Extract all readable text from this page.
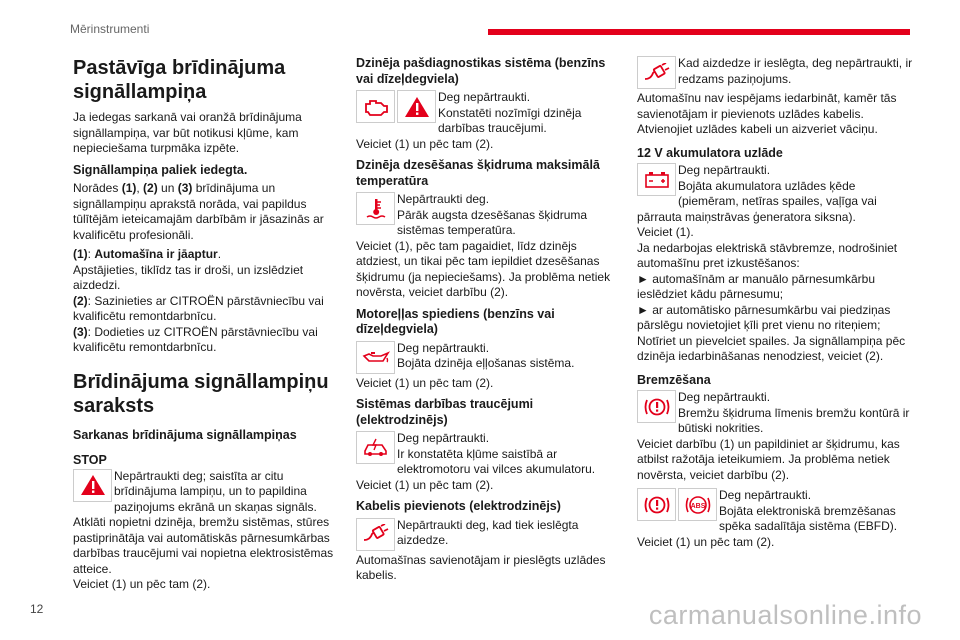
Mērinstrumenti
Pastāvīga brīdinājuma signāllampiņa

Ja iedegas sarkanā vai oranžā brīdinājuma signāllampiņa, var būt notikusi kļūme, kam nepieciešama turpmāka izpēte.

Signāllampiņa paliek iedegta.

Norādes (1), (2) un (3) brīdinājuma un signāllampiņu aprakstā norāda, vai papildus tūlītējām ieteicamajām darbībām ir jāsazinās ar kvalificētu profesionāli.

(1): Automašīna ir jāaptur.

Apstājieties, tiklīdz tas ir droši, un izslēdziet aizdedzi.

(2): Sazinieties ar CITROËN pārstāvniecību vai kvalificētu remontdarbnīcu.

(3): Dodieties uz CITROËN pārstāvniecību vai kvalificētu remontdarbnīcu.

Brīdinājuma signāllampiņu saraksts
Sarkanas brīdinājuma signāllampiņas
STOP
Nepārtraukti deg; saistīta ar citu brīdinājuma lampiņu, un to papildina paziņojums ekrānā un skaņas signāls.

Atklāti nopietni dzinēja, bremžu sistēmas, stūres pastiprinātāja vai automātiskās pārnesumkārbas darbības traucējumi vai nopietna elektrosistēmas atteice.

Veiciet (1) un pēc tam (2).

Dzinēja pašdiagnostikas sistēma (benzīns vai dīzeļdegviela)
Deg nepārtraukti.
Konstatēti nozīmīgi dzinēja darbības traucējumi.

Veiciet (1) un pēc tam (2).

Dzinēja dzesēšanas šķidruma maksimālā temperatūra
Nepārtraukti deg.
Pārāk augsta dzesēšanas šķidruma sistēmas temperatūra.

Veiciet (1), pēc tam pagaidiet, līdz dzinējs atdziest, un tikai pēc tam iepildiet dzesēšanas šķidrumu (ja nepieciešams). Ja problēma netiek novērsta, veiciet darbību (2).

Motoreļļas spiediens (benzīns vai dīzeļdegviela)
Deg nepārtraukti.
Bojāta dzinēja eļļošanas sistēma.

Veiciet (1) un pēc tam (2).

Sistēmas darbības traucējumi (elektrodzinējs)
Deg nepārtraukti.
Ir konstatēta kļūme saistībā ar elektromotoru vai vilces akumulatoru.

Veiciet (1) un pēc tam (2).

Kabelis pievienots (elektrodzinējs)
Nepārtraukti deg, kad tiek ieslēgta aizdedze.

Automašīnas savienotājam ir pieslēgts uzlādes kabelis.

Kad aizdedze ir ieslēgta, deg nepārtraukti, ir redzams paziņojums.

Automašīnu nav iespējams iedarbināt, kamēr tās savienotājam ir pievienots uzlādes kabelis.

Atvienojiet uzlādes kabeli un aizveriet vāciņu.

12 V akumulatora uzlāde
Deg nepārtraukti.
Bojāta akumulatora uzlādes ķēde (piemēram, netīras spailes, vaļīga vai pārrauta maiņstrāvas ģeneratora siksna).

Veiciet (1).

Ja nedarbojas elektriskā stāvbremze, nodrošiniet automašīnu pret izkustēšanos:

► automašīnām ar manuālo pārnesumkārbu ieslēdziet kādu pārnesumu;

► ar automātisko pārnesumkārbu vai piedziņas pārslēgu novietojiet ķīli pret vienu no riteņiem;

Notīriet un pievelciet spailes. Ja signāllampiņa pēc dzinēja iedarbināšanas nenodziest, veiciet (2).

Bremzēšana
Deg nepārtraukti.
Bremžu šķidruma līmenis bremžu kontūrā ir būtiski nokrities.

Veiciet darbību (1) un papildiniet ar šķidrumu, kas atbilst ražotāja ieteikumiem. Ja problēma netiek novērsta, veiciet darbību (2).

ABS
Deg nepārtraukti.
Bojāta elektroniskā bremzēšanas spēka sadalītāja sistēma (EBFD).

Veiciet (1) un pēc tam (2).

12	carmanualsonline.info
